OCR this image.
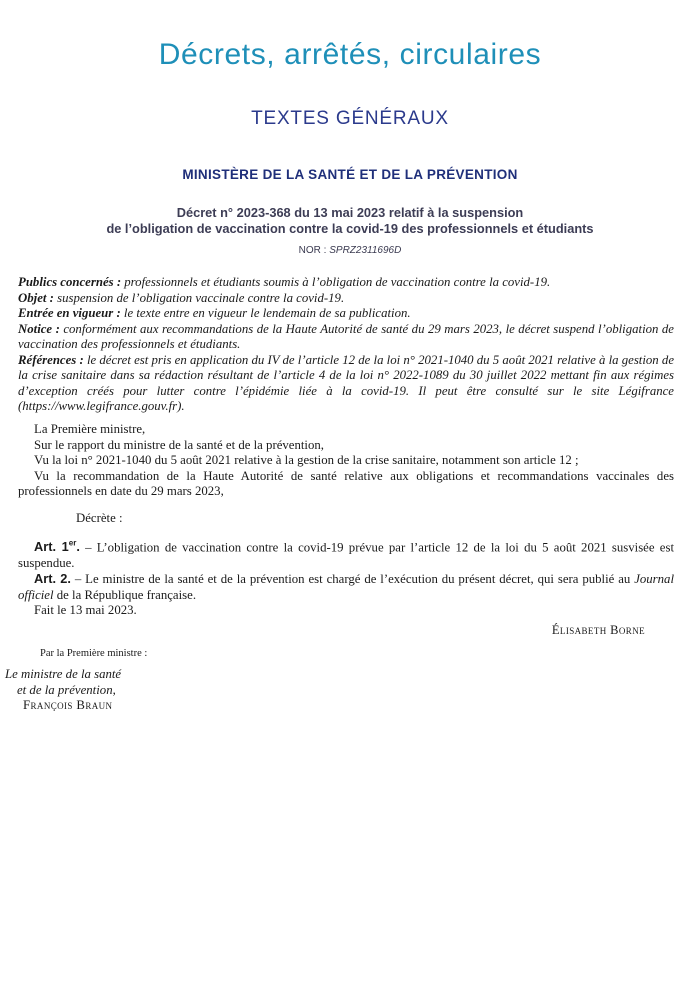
Décrets, arrêtés, circulaires
TEXTES GÉNÉRAUX
MINISTÈRE DE LA SANTÉ ET DE LA PRÉVENTION
Décret n° 2023-368 du 13 mai 2023 relatif à la suspension
de l’obligation de vaccination contre la covid-19 des professionnels et étudiants
NOR : SPRZ2311696D

Publics concernés : professionnels et étudiants soumis à l’obligation de vaccination contre la covid-19.

Objet : suspension de l’obligation vaccinale contre la covid-19.

Entrée en vigueur : le texte entre en vigueur le lendemain de sa publication.

Notice : conformément aux recommandations de la Haute Autorité de santé du 29 mars 2023, le décret suspend l’obligation de vaccination des professionnels et étudiants.

Références : le décret est pris en application du IV de l’article 12 de la loi n° 2021-1040 du 5 août 2021 relative à la gestion de la crise sanitaire dans sa rédaction résultant de l’article 4 de la loi n° 2022-1089 du 30 juillet 2022 mettant fin aux régimes d’exception créés pour lutter contre l’épidémie liée à la covid-19. Il peut être consulté sur le site Légifrance (https://www.legifrance.gouv.fr).

La Première ministre,

Sur le rapport du ministre de la santé et de la prévention,

Vu la loi n° 2021-1040 du 5 août 2021 relative à la gestion de la crise sanitaire, notamment son article 12 ;

Vu la recommandation de la Haute Autorité de santé relative aux obligations et recommandations vaccinales des professionnels en date du 29 mars 2023,

Décrète :

Art. 1er. – L’obligation de vaccination contre la covid-19 prévue par l’article 12 de la loi du 5 août 2021 susvisée est suspendue.

Art. 2. – Le ministre de la santé et de la prévention est chargé de l’exécution du présent décret, qui sera publié au Journal officiel de la République française.

Fait le 13 mai 2023.

Élisabeth Borne
Par la Première ministre :
Le ministre de la santé
et de la prévention,
François Braun
